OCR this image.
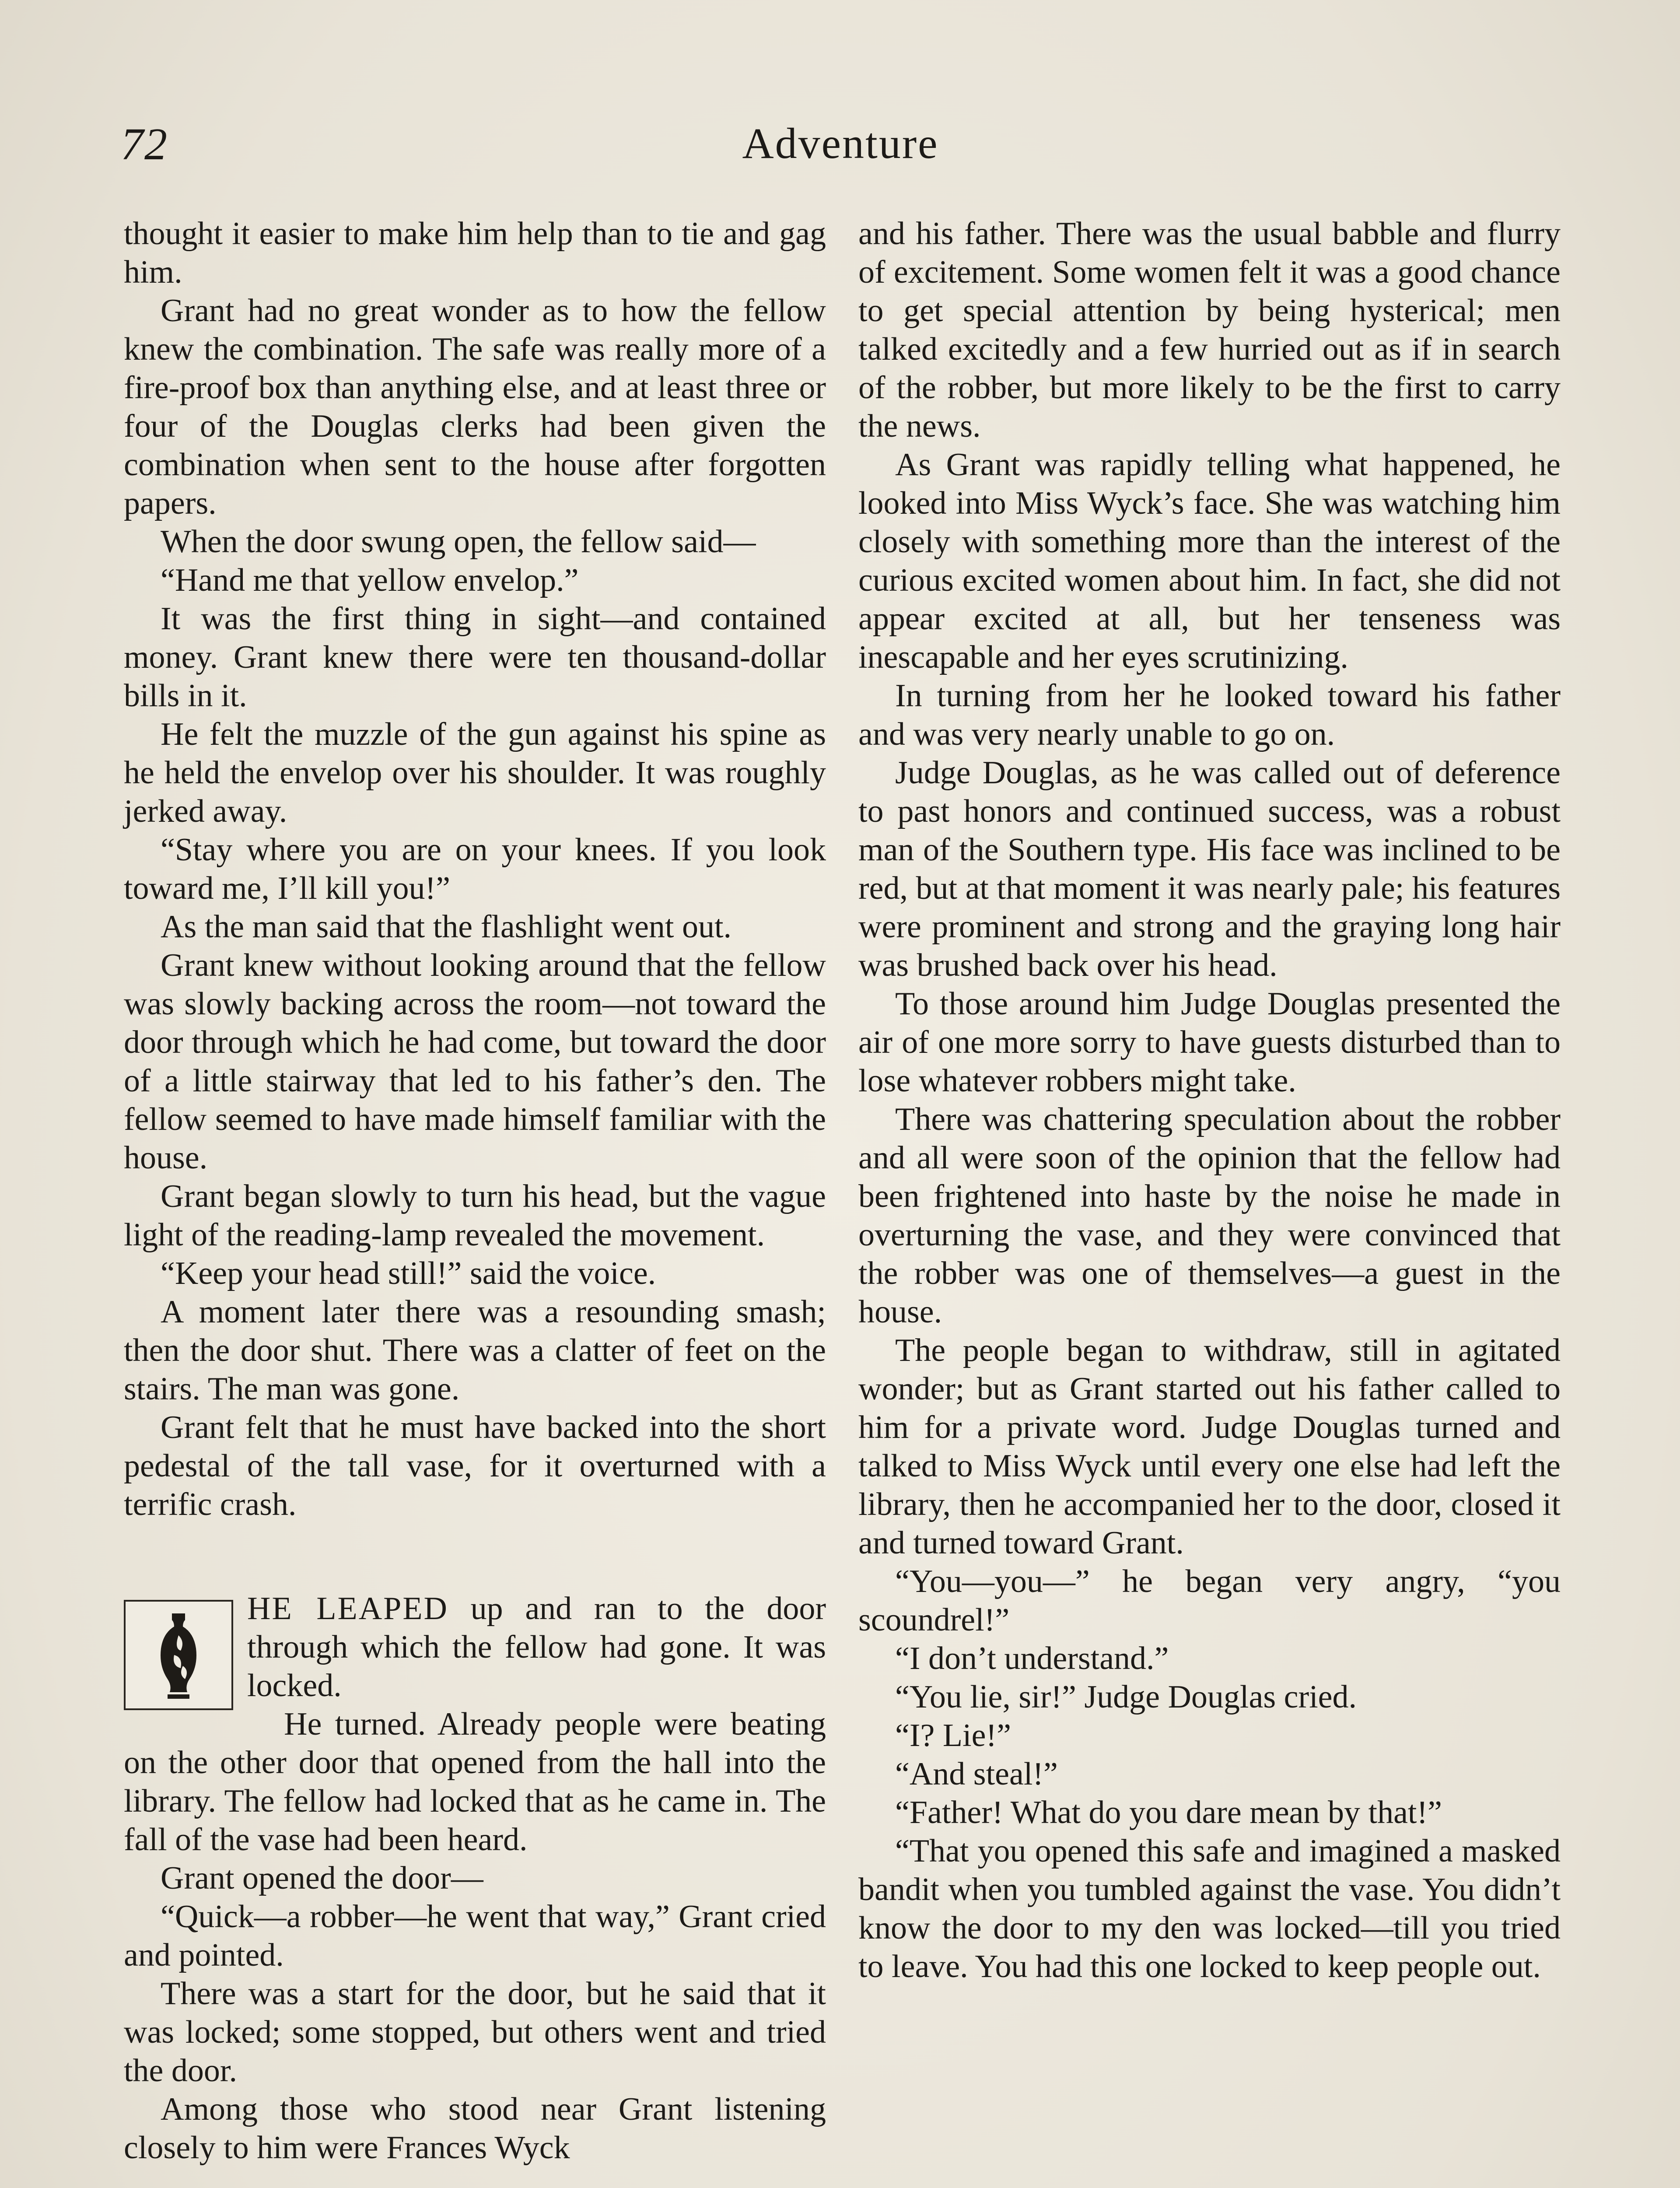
72	Adventure

thought it easier to make him help than to tie and gag him.

Grant had no great wonder as to how the fellow knew the combination. The safe was really more of a fire-proof box than anything else, and at least three or four of the Douglas clerks had been given the combination when sent to the house after forgotten papers.

When the door swung open, the fellow said—

“Hand me that yellow envelop.”

It was the first thing in sight—and contained money. Grant knew there were ten thousand-dollar bills in it.

He felt the muzzle of the gun against his spine as he held the envelop over his shoulder. It was roughly jerked away.

“Stay where you are on your knees. If you look toward me, I’ll kill you!”

As the man said that the flashlight went out.

Grant knew without looking around that the fellow was slowly backing across the room—not toward the door through which he had come, but toward the door of a little stairway that led to his father’s den. The fellow seemed to have made himself familiar with the house.

Grant began slowly to turn his head, but the vague light of the reading-lamp revealed the movement.

“Keep your head still!” said the voice.

A moment later there was a resounding smash; then the door shut. There was a clatter of feet on the stairs. The man was gone.

Grant felt that he must have backed into the short pedestal of the tall vase, for it overturned with a terrific crash.

HE LEAPED up and ran to the door through which the fellow had gone. It was locked.

He turned. Already people were beating on the other door that opened from the hall into the library. The fellow had locked that as he came in. The fall of the vase had been heard.

Grant opened the door—

“Quick—a robber—he went that way,” Grant cried and pointed.

There was a start for the door, but he said that it was locked; some stopped, but others went and tried the door.

Among those who stood near Grant listening closely to him were Frances Wyck

and his father. There was the usual babble and flurry of excitement. Some women felt it was a good chance to get special attention by being hysterical; men talked excitedly and a few hurried out as if in search of the robber, but more likely to be the first to carry the news.

As Grant was rapidly telling what happened, he looked into Miss Wyck’s face. She was watching him closely with something more than the interest of the curious excited women about him. In fact, she did not appear excited at all, but her tenseness was inescapable and her eyes scrutinizing.

In turning from her he looked toward his father and was very nearly unable to go on.

Judge Douglas, as he was called out of deference to past honors and continued success, was a robust man of the Southern type. His face was inclined to be red, but at that moment it was nearly pale; his features were prominent and strong and the graying long hair was brushed back over his head.

To those around him Judge Douglas presented the air of one more sorry to have guests disturbed than to lose whatever robbers might take.

There was chattering speculation about the robber and all were soon of the opinion that the fellow had been frightened into haste by the noise he made in overturning the vase, and they were convinced that the robber was one of themselves—a guest in the house.

The people began to withdraw, still in agitated wonder; but as Grant started out his father called to him for a private word. Judge Douglas turned and talked to Miss Wyck until every one else had left the library, then he accompanied her to the door, closed it and turned toward Grant.

“You—you—” he began very angry, “you scoundrel!”

“I don’t understand.”

“You lie, sir!” Judge Douglas cried.

“I? Lie!”

“And steal!”

“Father! What do you dare mean by that!”

“That you opened this safe and imagined a masked bandit when you tumbled against the vase. You didn’t know the door to my den was locked—till you tried to leave. You had this one locked to keep people out.
